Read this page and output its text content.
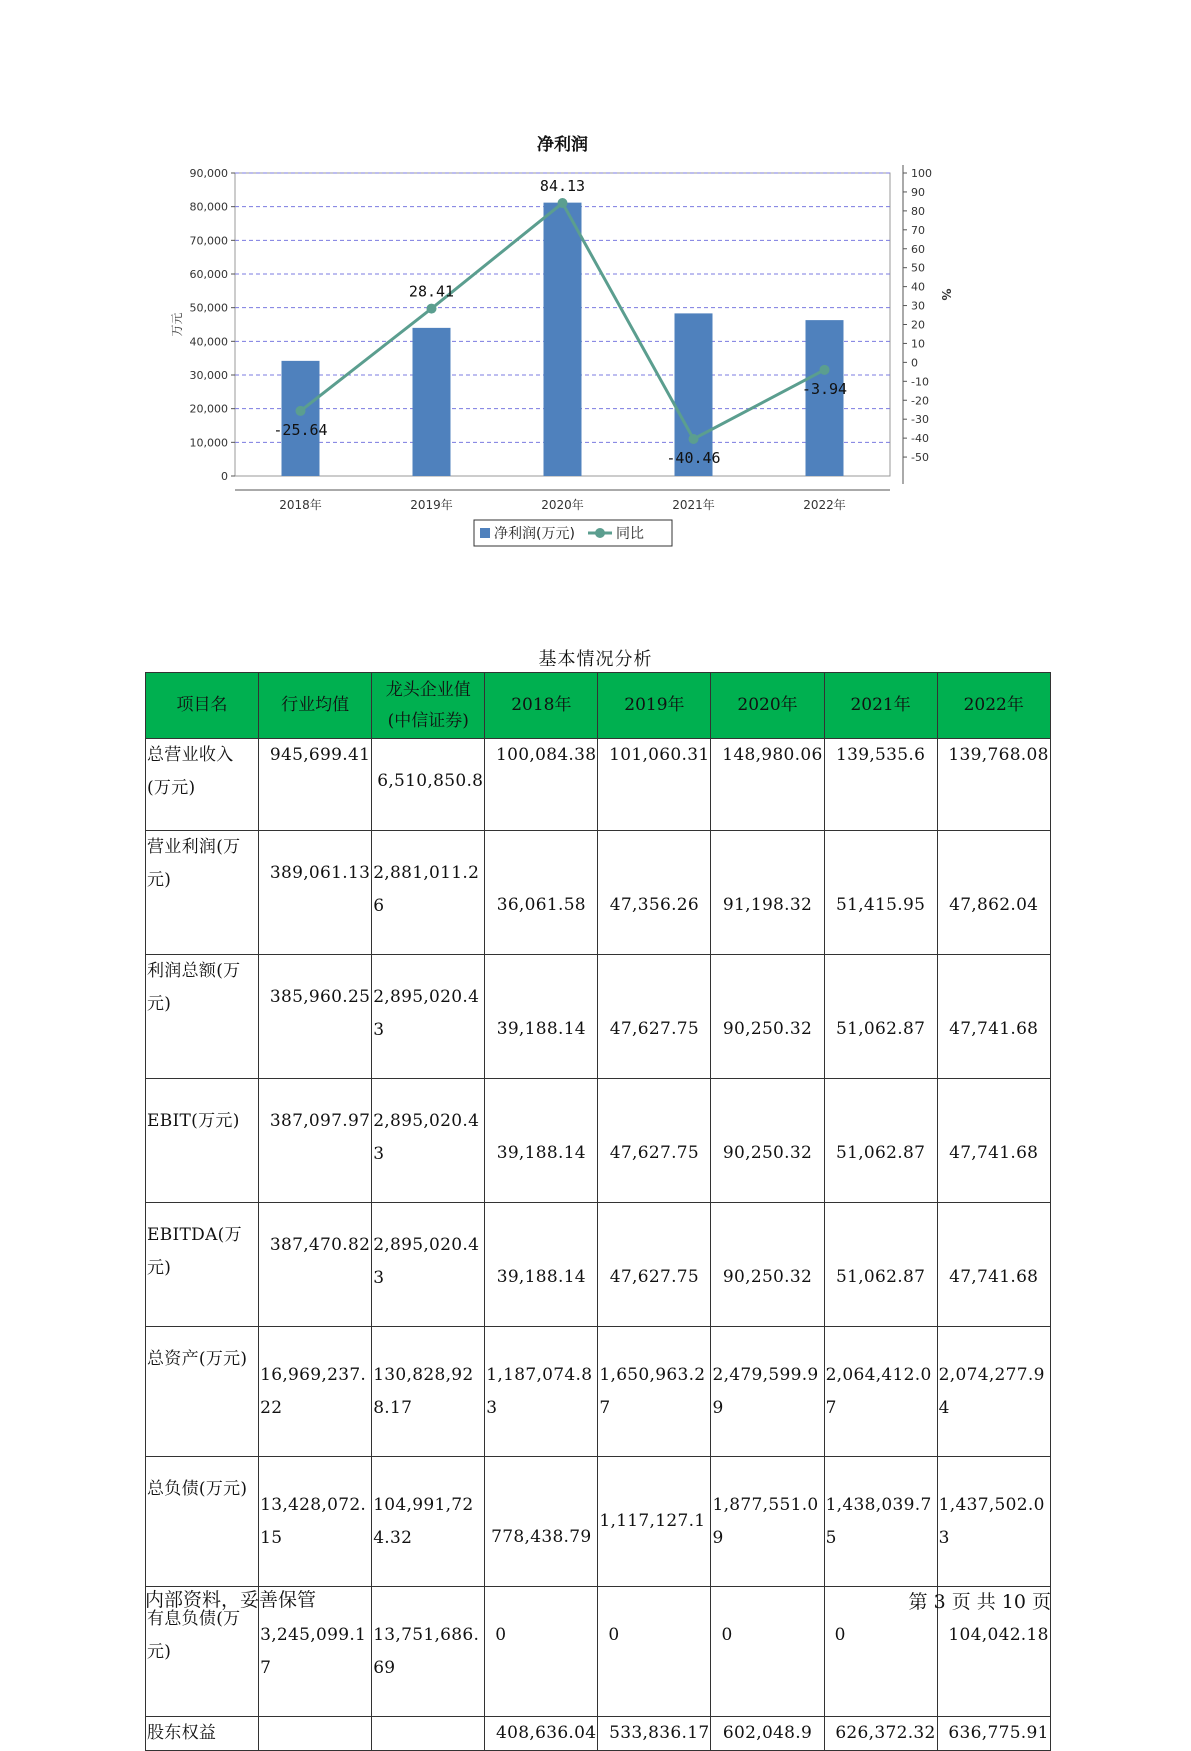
净利润
0
10,000
20,000
30,000
40,000
50,000
60,000
70,000
80,000
90,000
-50
-40
-30
-20
-10
0
10
20
30
40
50
60
70
80
90
100
万元
%
2018年	2019年	2020年	2021年	2022年
-25.64
28.41
84.13
-40.46
-3.94
净利润(万元)	同比
基本情况分析
项目名	行业均值	龙头企业值(中信证券)	2018年	2019年	2020年	2021年	2022年
总营业收入(万元)	945,699.41	6,510,850.8	100,084.38	101,060.31	148,980.06	139,535.6	139,768.08
营业利润(万元)	389,061.13	2,881,011.26	36,061.58	47,356.26	91,198.32	51,415.95	47,862.04
利润总额(万元)	385,960.25	2,895,020.43	39,188.14	47,627.75	90,250.32	51,062.87	47,741.68
EBIT(万元)	387,097.97	2,895,020.43	39,188.14	47,627.75	90,250.32	51,062.87	47,741.68
EBITDA(万元)	387,470.82	2,895,020.43	39,188.14	47,627.75	90,250.32	51,062.87	47,741.68
总资产(万元)	16,969,237.22	130,828,928.17	1,187,074.83	1,650,963.27	2,479,599.99	2,064,412.07	2,074,277.94
总负债(万元)	13,428,072.15	104,991,724.32	778,438.79	1,117,127.1	1,877,551.09	1,438,039.75	1,437,502.03
有息负债(万元)	3,245,099.17	13,751,686.69	0	0	0	0	104,042.18
股东权益			408,636.04	533,836.17	602,048.9	626,372.32	636,775.91
内部资料，妥善保管	第 3 页 共 10 页
